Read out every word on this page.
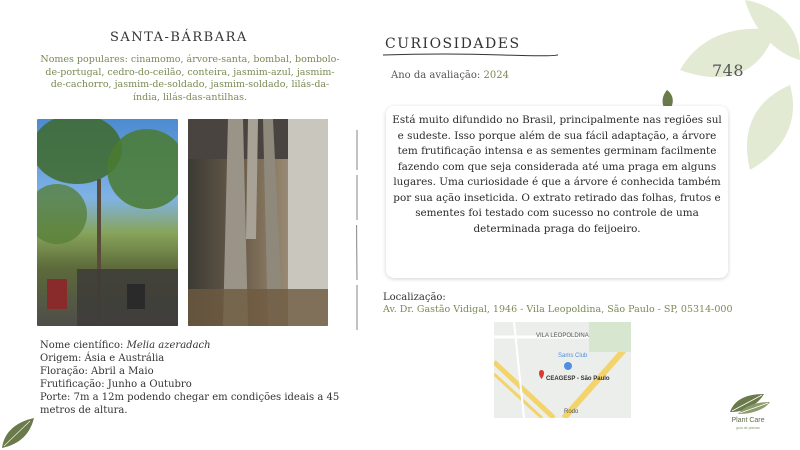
SANTA-BÁRBARA
Nomes populares: cinamomo, árvore-santa, bombal, bombolo-de-portugal, cedro-do-ceilão, conteira, jasmim-azul, jasmim-de-cachorro, jasmim-de-soldado, jasmim-soldado, lilás-da-índia, lilás-das-antilhas.
Nome científico: Melia azeradach
Origem: Ásia e Austrália
Floração: Abril a Maio
Frutificação: Junho a Outubro
Porte: 7m a 12m podendo chegar em condições ideais a 45 metros de altura.
CURIOSIDADES
Ano da avaliação: 2024	748
Está muito difundido no Brasil, principalmente nas regiões sul e sudeste. Isso porque além de sua fácil adaptação, a árvore tem frutificação intensa e as sementes germinam facilmente fazendo com que seja considerada até uma praga em alguns lugares. Uma curiosidade é que a árvore é conhecida também por sua ação inseticida. O extrato retirado das folhas, frutos e sementes foi testado com sucesso no controle de uma determinada praga do feijoeiro.
Localização:
Av. Dr. Gastão Vidigal, 1946 - Vila Leopoldina, São Paulo - SP, 05314-000
VILA LEOPOLDINA
Sams Club
CEAGESP - São Paulo
Rodo
Plant Care
guia de plantas
